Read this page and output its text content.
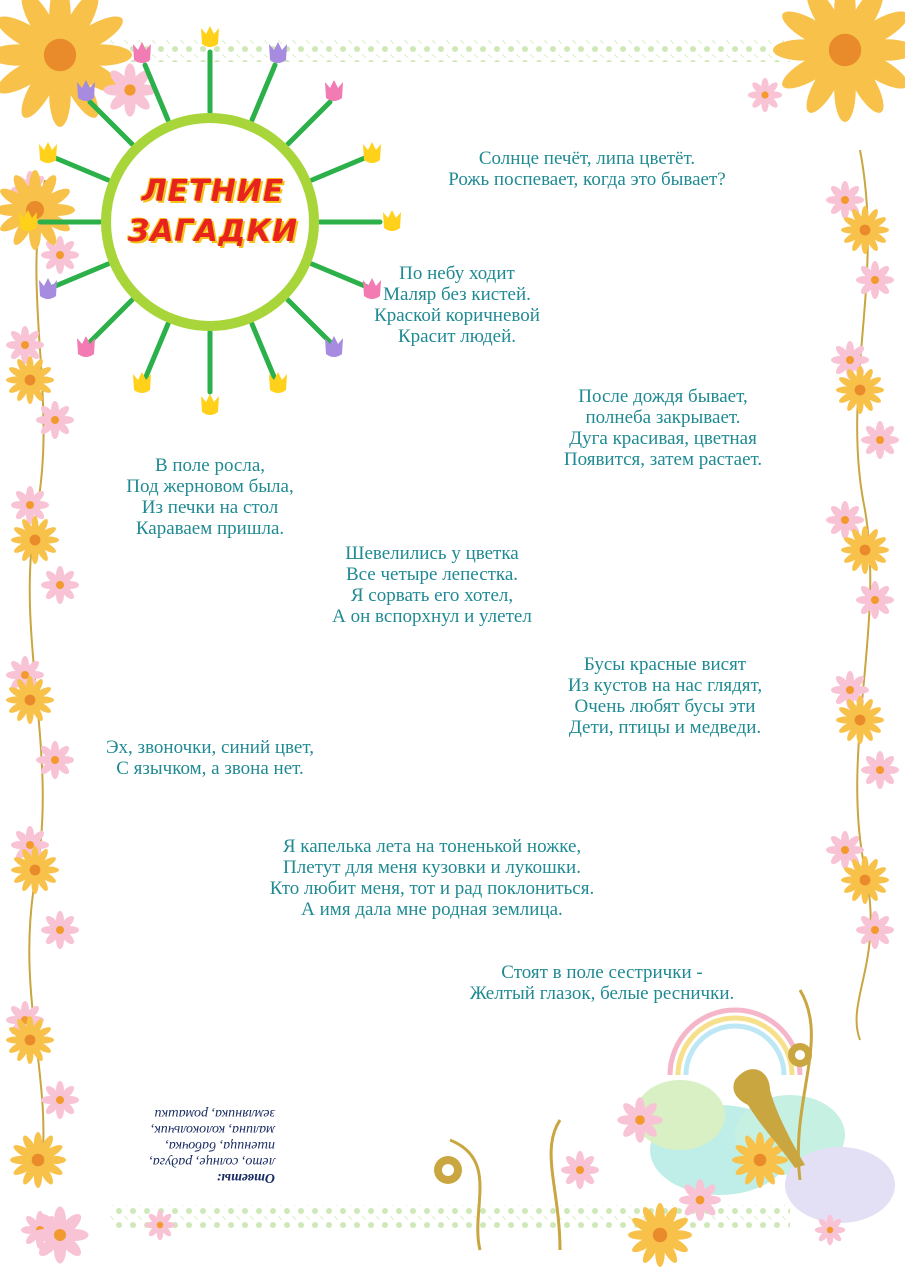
ЛЕТНИЕ
ЗАГАДКИ
Солнце печёт, липа цветёт.
Рожь поспевает, когда это бывает?
По небу ходит
Маляр без кистей.
Краской коричневой
Красит людей.
После дождя бывает,
полнеба закрывает.
Дуга красивая, цветная
Появится, затем растает.
В поле росла,
Под жерновом была,
Из печки на стол
Караваем пришла.
Шевелились у цветка
Все четыре лепестка.
Я сорвать его хотел,
А он вспорхнул и улетел
Бусы красные висят
Из кустов на нас глядят,
Очень любят бусы эти
Дети, птицы и медведи.
Эх, звоночки, синий цвет,
С язычком, а звона нет.
Я капелька лета на тоненькой ножке,
Плетут для меня кузовки и лукошки.
Кто любит меня, тот и рад поклониться.
А имя дала мне родная землица.
Стоят в поле сестрички -
Желтый глазок, белые реснички.
Ответы:
лето, солнце, радуга,
пшеница, бабочка,
малина, колокольчик,
земляника, ромашки
